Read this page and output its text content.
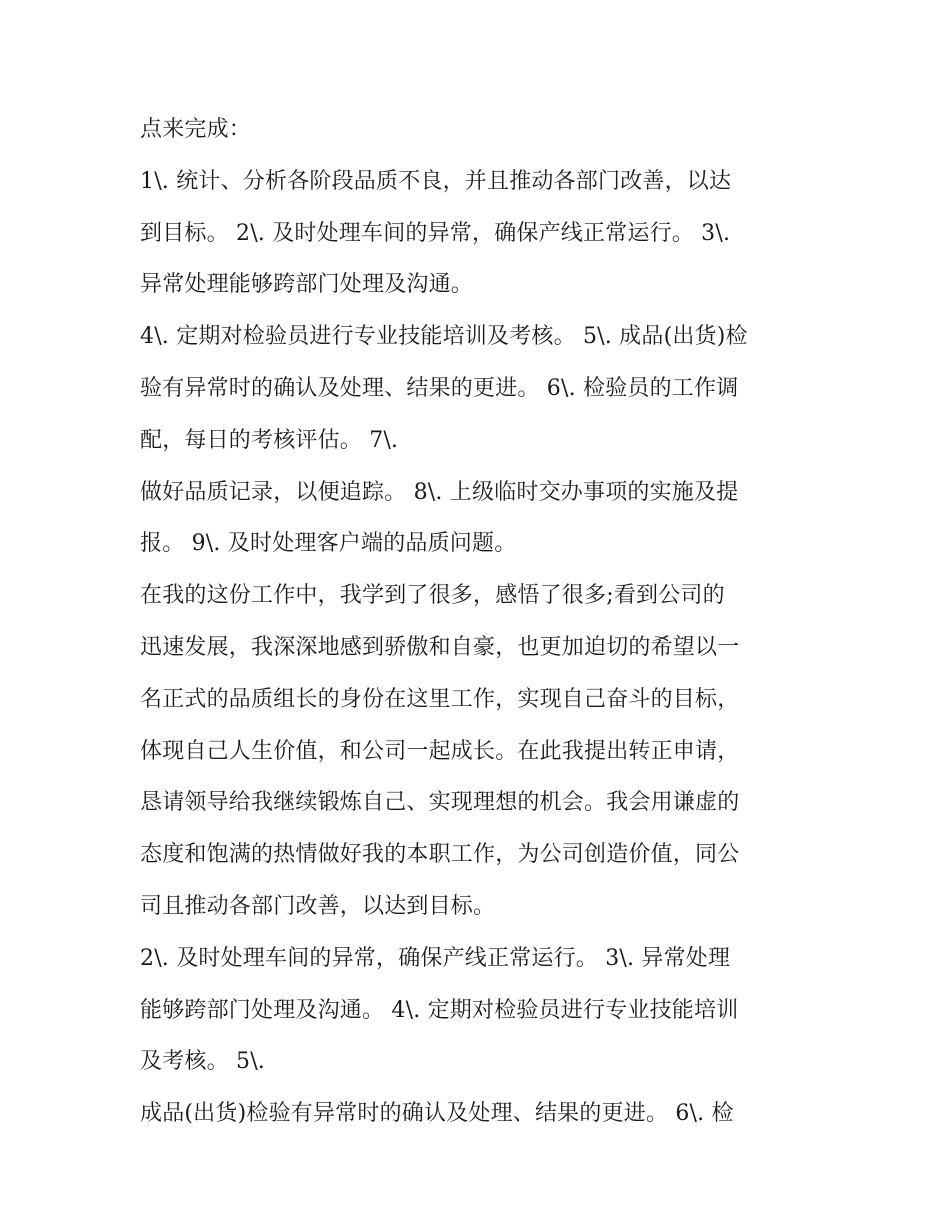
点来完成：
1\. 统计、分析各阶段品质不良，并且推动各部门改善，以达
到目标。 2\. 及时处理车间的异常，确保产线正常运行。 3\.
异常处理能够跨部门处理及沟通。
4\. 定期对检验员进行专业技能培训及考核。 5\. 成品(出货)检
验有异常时的确认及处理、结果的更进。 6\. 检验员的工作调
配，每日的考核评估。 7\.
做好品质记录，以便追踪。 8\. 上级临时交办事项的实施及提
报。 9\. 及时处理客户端的品质问题。
在我的这份工作中，我学到了很多，感悟了很多;看到公司的
迅速发展，我深深地感到骄傲和自豪，也更加迫切的希望以一
名正式的品质组长的身份在这里工作，实现自己奋斗的目标，
体现自己人生价值，和公司一起成长。在此我提出转正申请，
恳请领导给我继续锻炼自己、实现理想的机会。我会用谦虚的
态度和饱满的热情做好我的本职工作，为公司创造价值，同公
司且推动各部门改善，以达到目标。
2\. 及时处理车间的异常，确保产线正常运行。 3\. 异常处理
能够跨部门处理及沟通。 4\. 定期对检验员进行专业技能培训
及考核。 5\.
成品(出货)检验有异常时的确认及处理、结果的更进。 6\. 检
